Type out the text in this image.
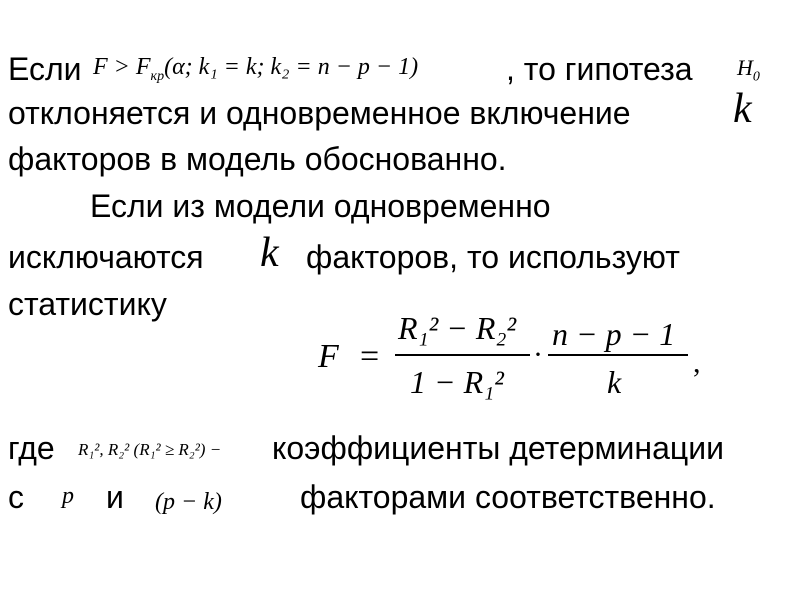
Если $F > F_{кр}(\alpha$; k₁ = k; k₂ = n − p − 1)	, то гипотеза $H_0$
отклоняется и одновременное включение k
факторов в модель обоснованно.
Если из модели одновременно
исключаются k факторов, то используют
статистику
F =
R₁² − R₂²
1 − R₁²
·
n − p − 1
k
,
где R₁², R₂² (R₁² ≥ R₂²) − коэффициенты детерминации
с p и (p − k) факторами соответственно.
